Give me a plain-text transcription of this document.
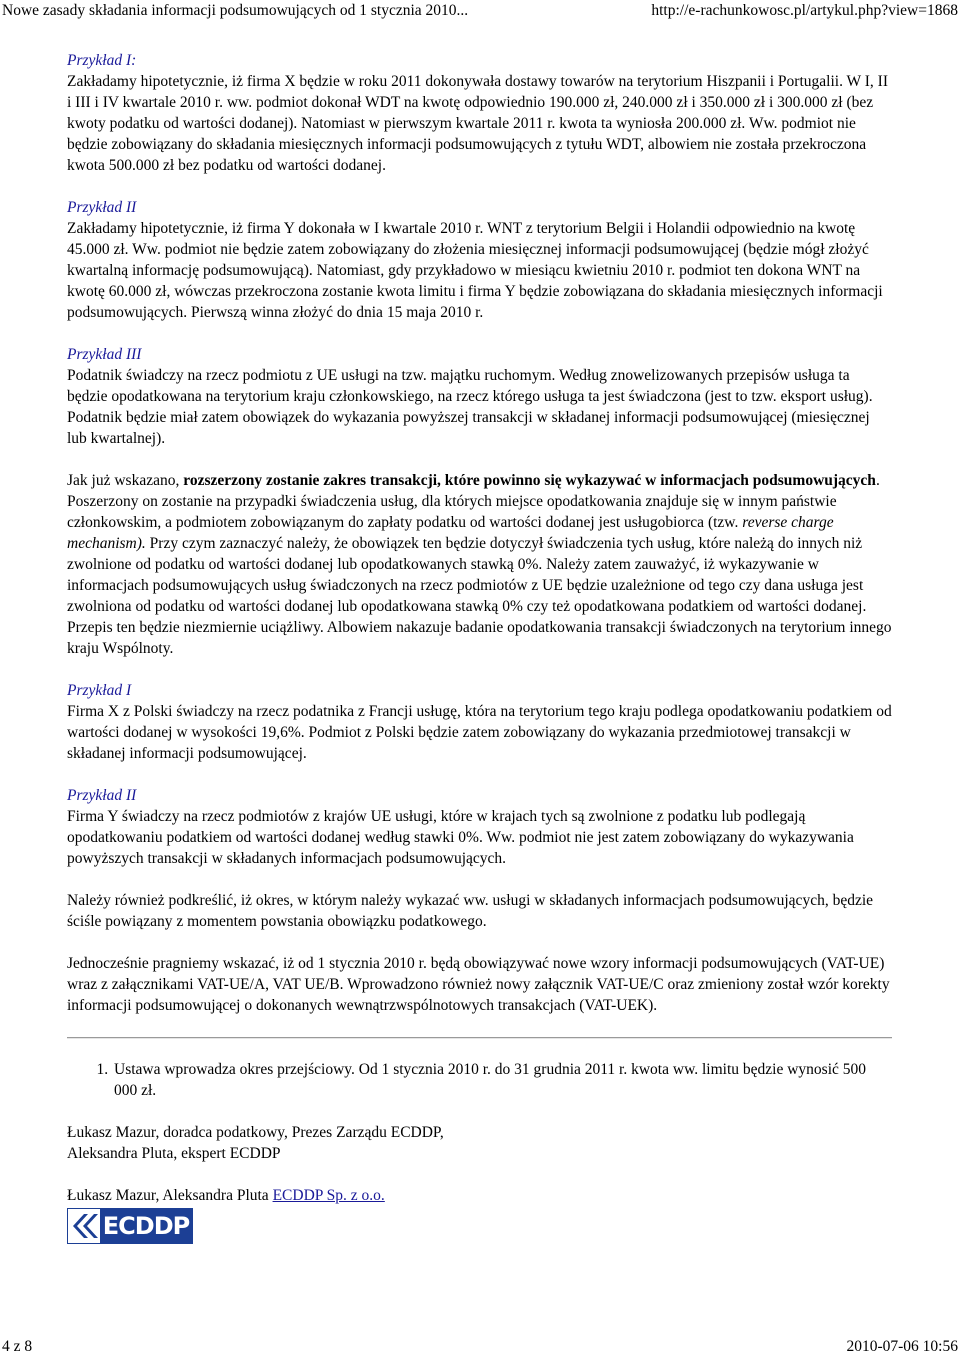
Nowe zasady składania informacji podsumowujących od 1 stycznia 2010...	http://e-rachunkowosc.pl/artykul.php?view=1868

Przykład I:
Zakładamy hipotetycznie, iż firma X będzie w roku 2011 dokonywała dostawy towarów na terytorium Hiszpanii i Portugalii. W I, II i III i IV kwartale 2010 r. ww. podmiot dokonał WDT na kwotę odpowiednio 190.000 zł, 240.000 zł i 350.000 zł i 300.000 zł (bez kwoty podatku od wartości dodanej). Natomiast w pierwszym kwartale 2011 r. kwota ta wyniosła 200.000 zł. Ww. podmiot nie będzie zobowiązany do składania miesięcznych informacji podsumowujących z tytułu WDT, albowiem nie została przekroczona kwota 500.000 zł bez podatku od wartości dodanej.

Przykład II
Zakładamy hipotetycznie, iż firma Y dokonała w I kwartale 2010 r. WNT z terytorium Belgii i Holandii odpowiednio na kwotę 45.000 zł. Ww. podmiot nie będzie zatem zobowiązany do złożenia miesięcznej informacji podsumowującej (będzie mógł złożyć kwartalną informację podsumowującą). Natomiast, gdy przykładowo w miesiącu kwietniu 2010 r. podmiot ten dokona WNT na kwotę 60.000 zł, wówczas przekroczona zostanie kwota limitu i firma Y będzie zobowiązana do składania miesięcznych informacji podsumowujących. Pierwszą winna złożyć do dnia 15 maja 2010 r.

Przykład III
Podatnik świadczy na rzecz podmiotu z UE usługi na tzw. majątku ruchomym. Według znowelizowanych przepisów usługa ta będzie opodatkowana na terytorium kraju członkowskiego, na rzecz którego usługa ta jest świadczona (jest to tzw. eksport usług). Podatnik będzie miał zatem obowiązek do wykazania powyższej transakcji w składanej informacji podsumowującej (miesięcznej lub kwartalnej).

Jak już wskazano, rozszerzony zostanie zakres transakcji, które powinno się wykazywać w informacjach podsumowujących. Poszerzony on zostanie na przypadki świadczenia usług, dla których miejsce opodatkowania znajduje się w innym państwie członkowskim, a podmiotem zobowiązanym do zapłaty podatku od wartości dodanej jest usługobiorca (tzw. reverse charge mechanism). Przy czym zaznaczyć należy, że obowiązek ten będzie dotyczył świadczenia tych usług, które należą do innych niż zwolnione od podatku od wartości dodanej lub opodatkowanych stawką 0%. Należy zatem zauważyć, iż wykazywanie w informacjach podsumowujących usług świadczonych na rzecz podmiotów z UE będzie uzależnione od tego czy dana usługa jest zwolniona od podatku od wartości dodanej lub opodatkowana stawką 0% czy też opodatkowana podatkiem od wartości dodanej. Przepis ten będzie niezmiernie uciążliwy. Albowiem nakazuje badanie opodatkowania transakcji świadczonych na terytorium innego kraju Wspólnoty.

Przykład I
Firma X z Polski świadczy na rzecz podatnika z Francji usługę, która na terytorium tego kraju podlega opodatkowaniu podatkiem od wartości dodanej w wysokości 19,6%. Podmiot z Polski będzie zatem zobowiązany do wykazania przedmiotowej transakcji w składanej informacji podsumowującej.

Przykład II
Firma Y świadczy na rzecz podmiotów z krajów UE usługi, które w krajach tych są zwolnione z podatku lub podlegają opodatkowaniu podatkiem od wartości dodanej według stawki 0%. Ww. podmiot nie jest zatem zobowiązany do wykazywania powyższych transakcji w składanych informacjach podsumowujących.

Należy również podkreślić, iż okres, w którym należy wykazać ww. usługi w składanych informacjach podsumowujących, będzie ściśle powiązany z momentem powstania obowiązku podatkowego.

Jednocześnie pragniemy wskazać, iż od 1 stycznia 2010 r. będą obowiązywać nowe wzory informacji podsumowujących (VAT-UE) wraz z załącznikami VAT-UE/A, VAT UE/B. Wprowadzono również nowy załącznik VAT-UE/C oraz zmieniony został wzór korekty informacji podsumowującej o dokonanych wewnątrzwspólnotowych transakcjach (VAT-UEK).

1. Ustawa wprowadza okres przejściowy. Od 1 stycznia 2010 r. do 31 grudnia 2011 r. kwota ww. limitu będzie wynosić 500 000 zł.

Łukasz Mazur, doradca podatkowy, Prezes Zarządu ECDDP,
Aleksandra Pluta, ekspert ECDDP

Łukasz Mazur, Aleksandra Pluta ECDDP Sp. z o.o.

ECDDP
4 z 8	2010-07-06 10:56
